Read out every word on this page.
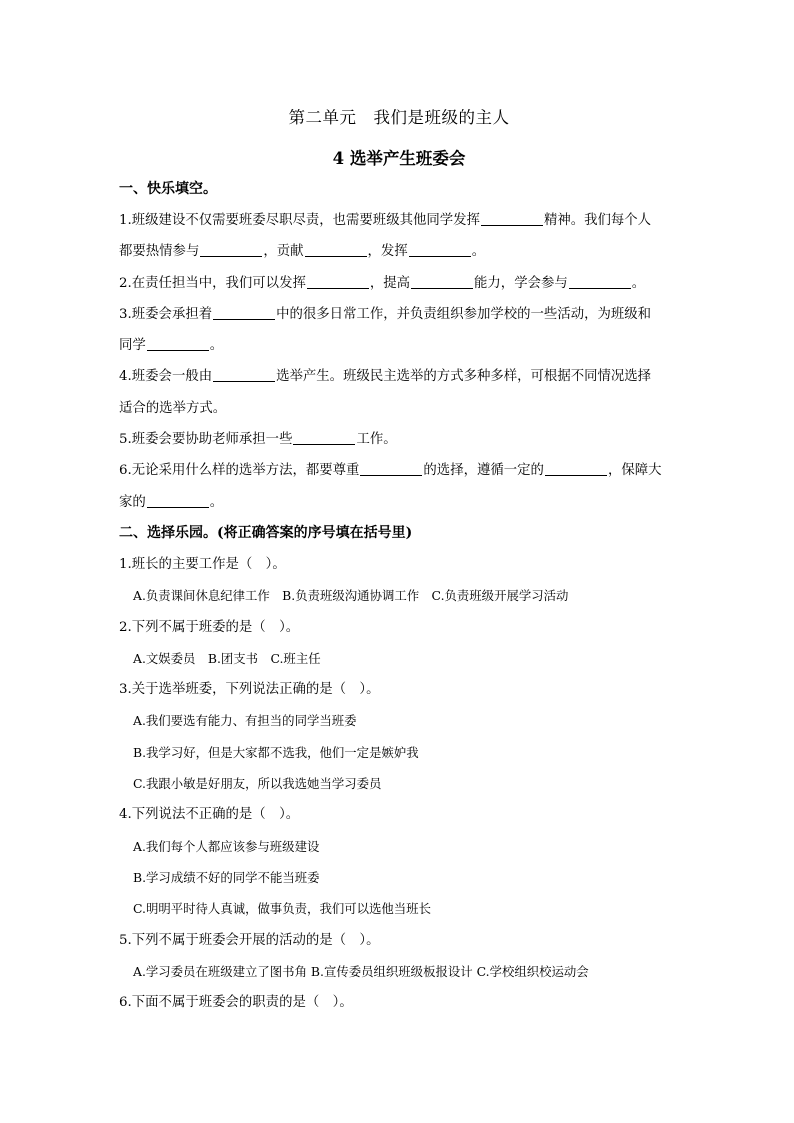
第二单元　我们是班级的主人
4 选举产生班委会
一、快乐填空。
1.班级建设不仅需要班委尽职尽责，也需要班级其他同学发挥	精神。我们每个人
都要热情参与	，贡献	，发挥	。
2.在责任担当中，我们可以发挥	，提高	能力，学会参与	。
3.班委会承担着	中的很多日常工作，并负责组织参加学校的一些活动，为班级和
同学	。
4.班委会一般由	选举产生。班级民主选举的方式多种多样，可根据不同情况选择
适合的选举方式。
5.班委会要协助老师承担一些	工作。
6.无论采用什么样的选举方法，都要尊重	的选择，遵循一定的	，保障大
家的	。
二、选择乐园。(将正确答案的序号填在括号里)
1.班长的主要工作是（　）。
A.负责课间休息纪律工作　B.负责班级沟通协调工作　C.负责班级开展学习活动
2.下列不属于班委的是（　）。
A.文娱委员　B.团支书　C.班主任
3.关于选举班委，下列说法正确的是（　）。
A.我们要选有能力、有担当的同学当班委
B.我学习好，但是大家都不选我，他们一定是嫉妒我
C.我跟小敏是好朋友，所以我选她当学习委员
4.下列说法不正确的是（　）。
A.我们每个人都应该参与班级建设
B.学习成绩不好的同学不能当班委
C.明明平时待人真诚，做事负责，我们可以选他当班长
5.下列不属于班委会开展的活动的是（　）。
A.学习委员在班级建立了图书角 B.宣传委员组织班级板报设计 C.学校组织校运动会
6.下面不属于班委会的职责的是（　）。
